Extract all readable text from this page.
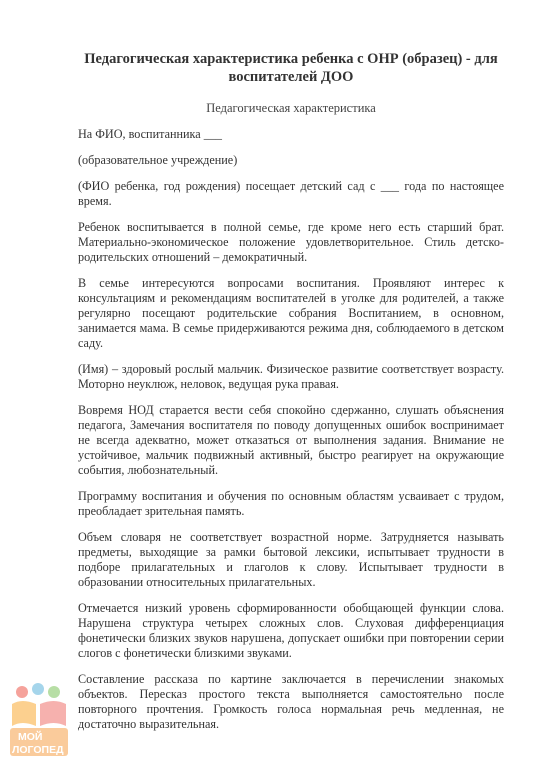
Педагогическая характеристика ребенка с ОНР (образец) - для воспитателей ДОО
Педагогическая характеристика

На ФИО, воспитанника ___

(образовательное учреждение)

(ФИО ребенка, год рождения) посещает детский сад с ___ года по настоящее время.

Ребенок воспитывается в полной семье, где кроме него есть старший брат. Материально-экономическое положение удовлетворительное. Стиль детско-родительских отношений – демократичный.

В семье интересуются вопросами воспитания. Проявляют интерес к консультациям и рекомендациям воспитателей в уголке для родителей, а также регулярно посещают родительские собрания Воспитанием, в основном, занимается мама. В семье придерживаются режима дня, соблюдаемого в детском саду.

(Имя) – здоровый рослый мальчик. Физическое развитие соответствует возрасту. Моторно неуклюж, неловок, ведущая рука правая.

Вовремя НОД старается вести себя спокойно сдержанно, слушать объяснения педагога, Замечания воспитателя по поводу допущенных ошибок воспринимает не всегда адекватно, может отказаться от выполнения задания. Внимание не устойчивое, мальчик подвижный активный, быстро реагирует на окружающие события, любознательный.

Программу воспитания и обучения по основным областям усваивает с трудом, преобладает зрительная память.

Объем словаря не соответствует возрастной норме. Затрудняется называть предметы, выходящие за рамки бытовой лексики, испытывает трудности в подборе прилагательных и глаголов к слову. Испытывает трудности в образовании относительных прилагательных.

Отмечается низкий уровень сформированности обобщающей функции слова. Нарушена структура четырех сложных слов. Слуховая дифференциация фонетически близких звуков нарушена, допускает ошибки при повторении серии слогов с фонетически близкими звуками.

Составление рассказа по картине заключается в перечислении знакомых объектов. Пересказ простого текста выполняется самостоятельно после повторного прочтения. Громкость голоса нормальная речь медленная, не достаточно выразительная.

МОЙ
ЛОГОПЕД
